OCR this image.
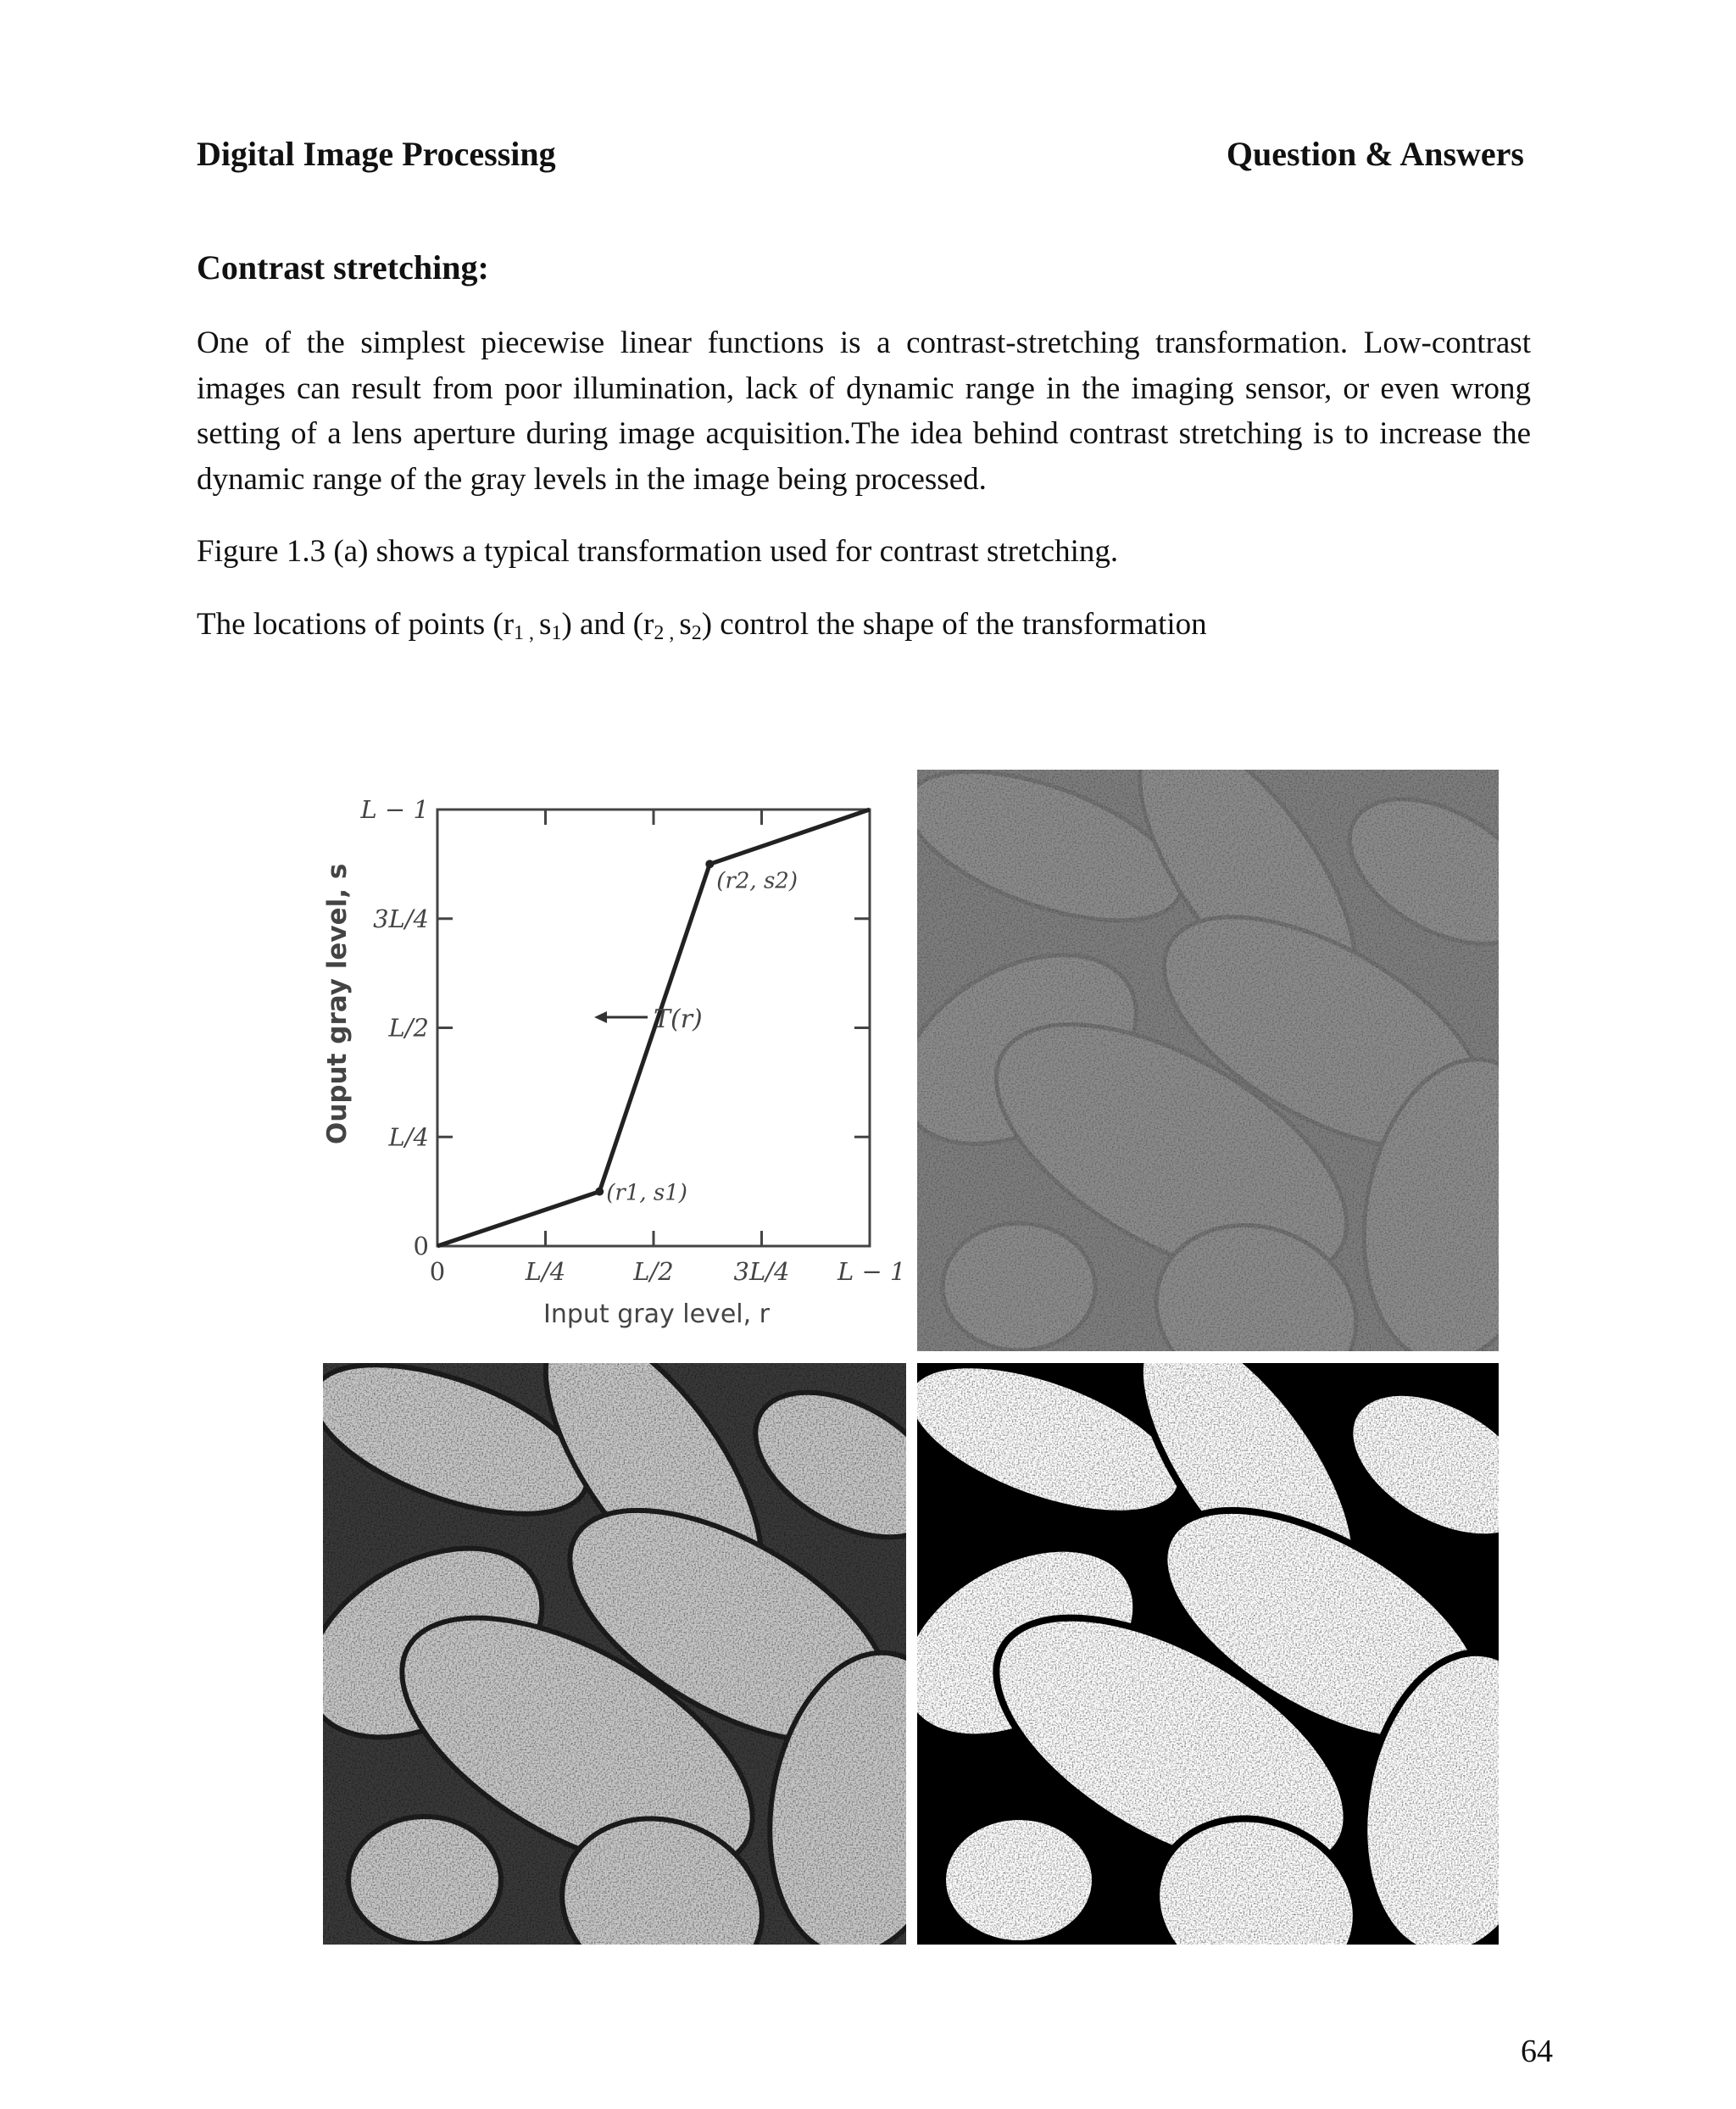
Digital Image Processing	Question & Answers
Contrast stretching:
One of the simplest piecewise linear functions is a contrast-stretching transformation. Low-contrast images can result from poor illumination, lack of dynamic range in the imaging sensor, or even wrong setting of a lens aperture during image acquisition.The idea behind contrast stretching is to increase the dynamic range of the gray levels in the image being processed.
Figure 1.3 (a) shows a typical transformation used for contrast stretching.
The locations of points ($r_{1 ,}$ $s_1$) and ($r_{2 ,}$ $s_2$) control the shape of the transformation
0
0
L/4
L/4
L/2
L/2
3L/4
3L/4
L − 1
L − 1
(r1, s1)
(r2, s2)
T(r)
Ouput gray level, s
Input gray level, r
64
